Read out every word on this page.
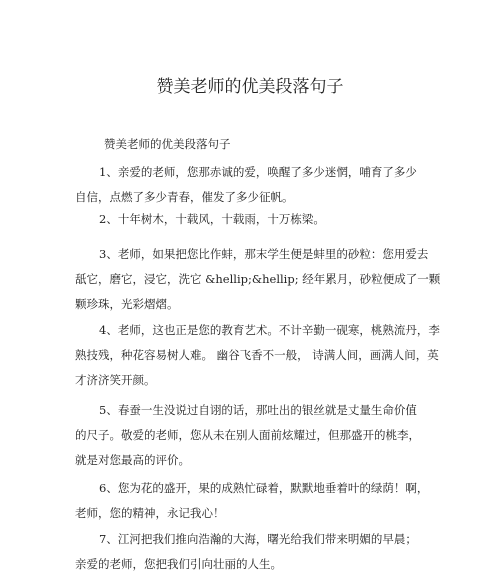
赞美老师的优美段落句子
赞美老师的优美段落句子

1、亲爱的老师，您那赤诚的爱，唤醒了多少迷惘，哺育了多少
自信，点燃了多少青春，催发了多少征帆。

2、十年树木，十载风，十载雨，十万栋梁。

3、老师，如果把您比作蚌，那末学生便是蚌里的砂粒：您用爱去
舐它，磨它，浸它，洗它 &hellip;&hellip; 经年累月，砂粒便成了一颗
颗珍珠，光彩熠熠。

4、老师，这也正是您的教育艺术。不计辛勤一砚寒，桃熟流丹，李
熟技残，种花容易树人难。 幽谷飞香不一般， 诗满人间，画满人间，英
才济济笑开颜。

5、春蚕一生没说过自诩的话，那吐出的银丝就是丈量生命价值
的尺子。敬爱的老师，您从未在别人面前炫耀过，但那盛开的桃李，
就是对您最高的评价。

6、您为花的盛开，果的成熟忙碌着，默默地垂着叶的绿荫！啊，
老师，您的精神，永记我心！

7、江河把我们推向浩瀚的大海，曙光给我们带来明媚的早晨；
亲爱的老师，您把我们引向壮丽的人生。
